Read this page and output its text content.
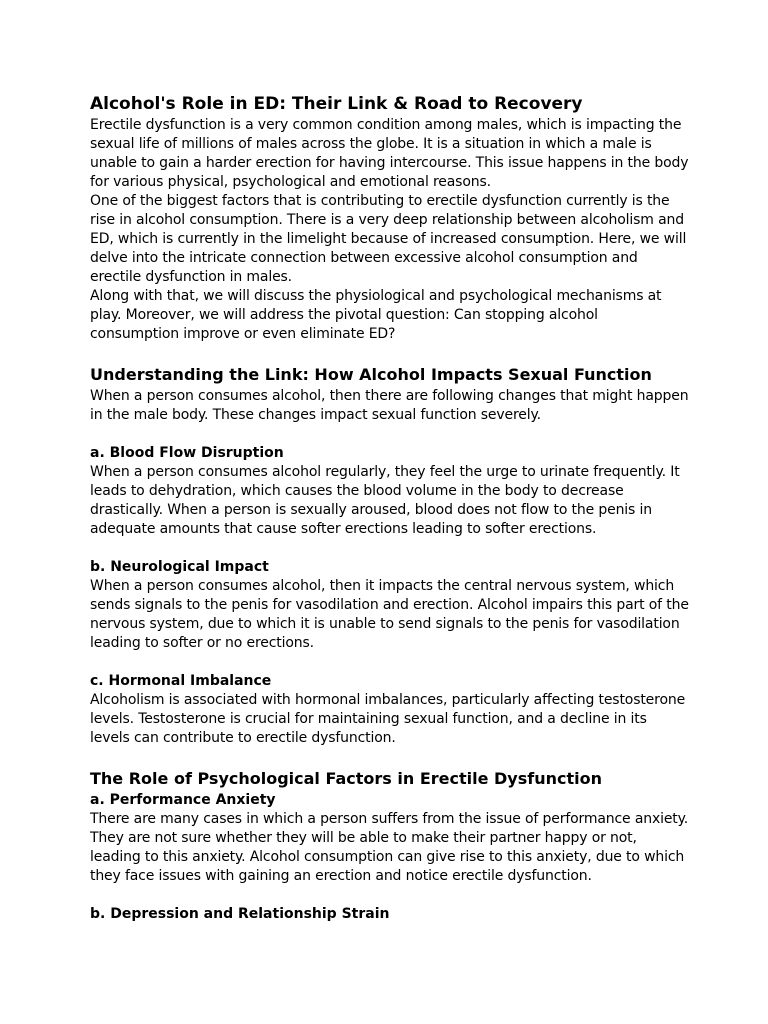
Alcohol's Role in ED: Their Link & Road to Recovery

Erectile dysfunction is a very common condition among males, which is impacting the sexual life of millions of males across the globe. It is a situation in which a male is unable to gain a harder erection for having intercourse. This issue happens in the body for various physical, psychological and emotional reasons.

One of the biggest factors that is contributing to erectile dysfunction currently is the rise in alcohol consumption. There is a very deep relationship between alcoholism and ED, which is currently in the limelight because of increased consumption. Here, we will delve into the intricate connection between excessive alcohol consumption and erectile dysfunction in males.

Along with that, we will discuss the physiological and psychological mechanisms at play. Moreover, we will address the pivotal question: Can stopping alcohol consumption improve or even eliminate ED?

Understanding the Link: How Alcohol Impacts Sexual Function

When a person consumes alcohol, then there are following changes that might happen in the male body. These changes impact sexual function severely.

a. Blood Flow Disruption

When a person consumes alcohol regularly, they feel the urge to urinate frequently. It leads to dehydration, which causes the blood volume in the body to decrease drastically. When a person is sexually aroused, blood does not flow to the penis in adequate amounts that cause softer erections leading to softer erections.

b. Neurological Impact

When a person consumes alcohol, then it impacts the central nervous system, which sends signals to the penis for vasodilation and erection. Alcohol impairs this part of the nervous system, due to which it is unable to send signals to the penis for vasodilation leading to softer or no erections.

c. Hormonal Imbalance

Alcoholism is associated with hormonal imbalances, particularly affecting testosterone levels. Testosterone is crucial for maintaining sexual function, and a decline in its levels can contribute to erectile dysfunction.

The Role of Psychological Factors in Erectile Dysfunction
a. Performance Anxiety

There are many cases in which a person suffers from the issue of performance anxiety. They are not sure whether they will be able to make their partner happy or not, leading to this anxiety. Alcohol consumption can give rise to this anxiety, due to which they face issues with gaining an erection and notice erectile dysfunction.

b. Depression and Relationship Strain
